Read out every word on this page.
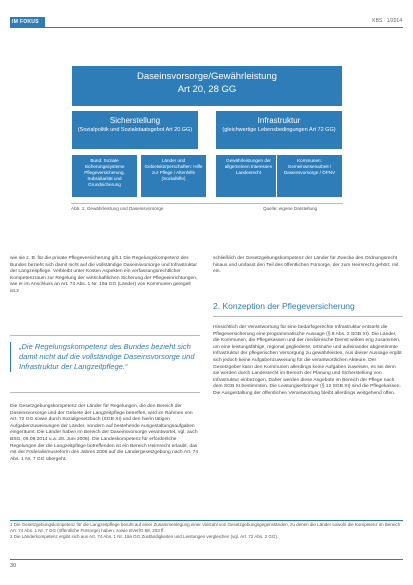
IM FOKUS	KBS · 1/2014
Daseinsvorsorge/Gewährleistung
Art 20, 28 GG
Sicherstellung
(Sozialpolitik und Sozialstaatsgebot Art 20 GG)
Infrastruktur
(gleichwertige Lebensbedingungen Art 72 GG)
Bund: Soziale Sicherungssysteme Pflegeversicherung, Subsidiarität und Grundsicherung
Länder und Gebietskörperschaften: Hilfe zur Pflege / Altenhilfe (Sozialhilfe)
Gewährleistungen der allgemeinen Interessen Landesrecht
Kommunen: Gemeinwesenarbeit / Daseinsvorsorge / ÖPNV
Abb. 1: Gewährleistung und Daseinsvorsorge	Quelle: eigene Darstellung

wie sie z. B. für die private Pflegeversicherung gilt.1 Die Regelungskompetenz des Bundes bezieht sich damit nicht auf die vollständige Daseinsvorsorge und Infrastruktur der Langzeitpflege. Verbleibt unter Kosten Aspekten ein verfassungsrechtlicher Kompetenzraum zur Regelung der wirtschaftlichen Sicherung der Pflegeeinrichtungen, wie er im Anschluss an Art. 74 Abs. 1 Nr. 19a GG (Länder) von Kommunen geregelt ist.2

„Die Regelungskompetenz des Bundes bezieht sich damit nicht auf die vollständige Daseinsvorsorge und Infrastruktur der Langzeitpflege.“

Die Gesetzgebungskompetenz der Länder für Regelungen, die den Bereich der Daseinsvorsorge und der Gebiete der Langzeitpflege betreffen, wird im Rahmen von Art. 72 GG sowie durch Sozialgesetzbuch (SGB XI) und den hierin tätigen Aufgabenzuweisungen der Länder, sondern auf bestehende Ausgestaltungsaufgaben eingeräumt. Die Länder haben im Bereich der Daseinsvorsorge verantwortet, vgl. auch BSG, 09.09.2014 u.a. 28. Juni 2006). Die Landeskompetenz für erforderliche Regelungen der die Langzeitpflege betreffenden ist ein Bereich Heimrecht erlaubt, das mit der Föderalismusreform des Jahres 2006 auf die Ländergesetzgebung nach Art. 74 Abs. 1 Nr. 7 GG übergeht.

schließlich der Gesetzgebungskompetenz der Länder für Zwecke des Ordnungsrecht hinaus und umfasst den Teil des öffentlichen Fürsorge, der zum Heimrecht gehört, mit ein.

2. Konzeption der Pflegeversicherung

Hinsichtlich der Verantwortung für eine bedarfsgerechte Infrastruktur entsteht die Pflegeversicherung eine programmatische Aussage (§ 8 Abs. 2 SGB XI). Die Länder, die Kommunen, die Pflegekassen und der medizinische Dienst wirken eng zusammen, um eine leistungsfähige, regional gegliederte, ortsnahe und aufeinander abgestimmte Infrastruktur der pflegerischen Versorgung zu gewährleisten. Aus dieser Aussage ergibt sich jedoch keine Aufgabenzuweisung für die verantwortlichen Akteure. Der Gesetzgeber kann den Kommunen allerdings keine Aufgaben zuweisen, es sei denn sie werden durch Landesrecht im Bereich der Planung und Sicherstellung von Infrastruktur einbezogen. Daher werden diese Angebote im Bereich der Pflege nach dem SGB XI bestimmten. Die Leistungserbringer (§ 12 SGB XI) sind die Pflegekassen. Die Ausgestaltung der öffentlichen Verantwortung bleibt allerdings weitgehend offen.

1 Die Gesetzgebungskompetenz für die Langzeitpflege beruht auf einer Zusammenlegung einer Vielzahl von Gesetzgebungsgegenständen, zu denen die Länder sowohl die Kompetenz im Bereich Art. 74 Abs. 1 Nr. 7 GG (öffentliche Fürsorge) haben, sowie BVerfG 88, 203 ff.
2 Die Länderkompetenz ergibt sich aus Art. 74 Abs. 1 Nr. 19a GG Zuständigkeiten und Leistungen vergleichen (vgl. Art. 72 Abs. 2 GG).
30
